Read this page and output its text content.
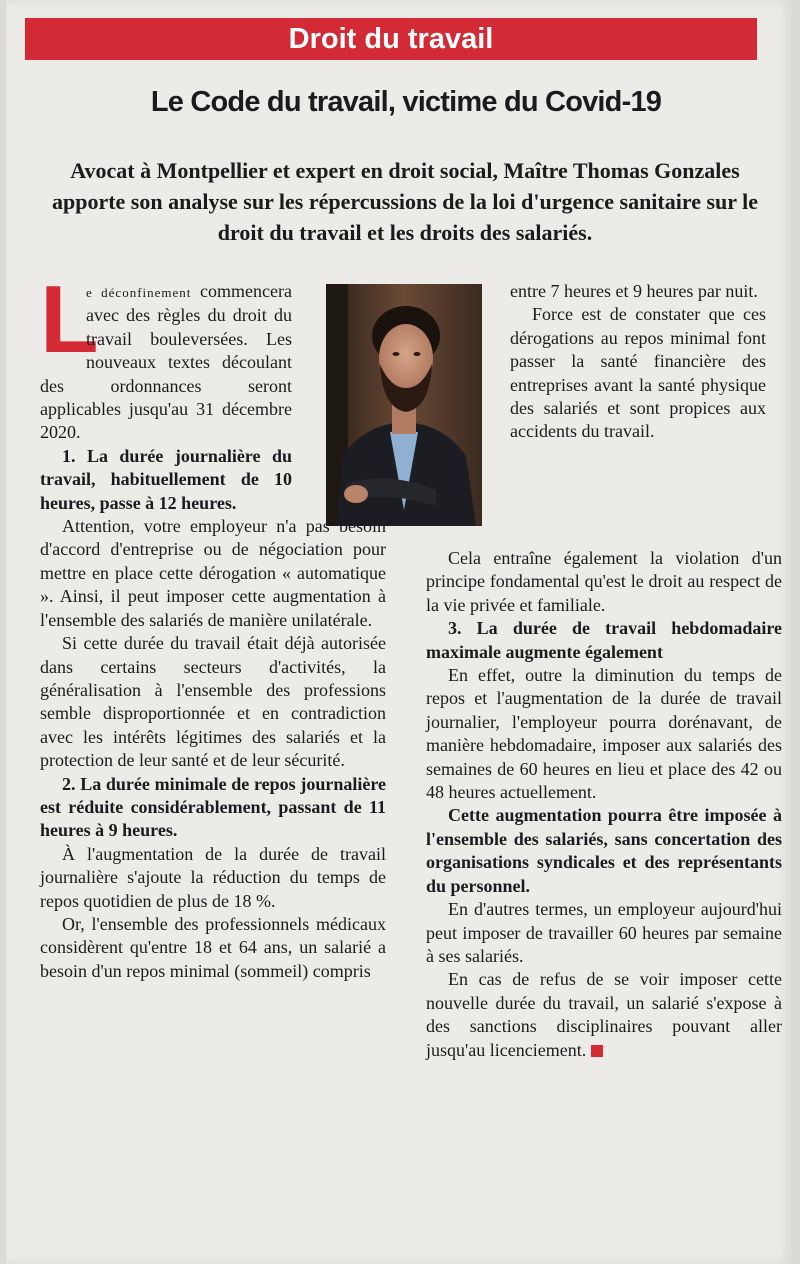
Droit du travail
Le Code du travail, victime du Covid-19
Avocat à Montpellier et expert en droit social, Maître Thomas Gonzales apporte son analyse sur les répercussions de la loi d'urgence sanitaire sur le droit du travail et les droits des salariés.
L

e déconfinement commencera avec des règles du droit du travail bouleversées. Les nouveaux textes découlant des ordonnances seront applicables jusqu'au 31 décembre 2020.

1. La durée journalière du travail, habituellement de 10 heures, passe à 12 heures.

Attention, votre employeur n'a pas besoin d'accord d'entreprise ou de négociation pour mettre en place cette dérogation « automatique ». Ainsi, il peut imposer cette augmentation à l'ensemble des salariés de manière unilatérale.

Si cette durée du travail était déjà autorisée dans certains secteurs d'activités, la généralisation à l'ensemble des professions semble disproportionnée et en contradiction avec les intérêts légitimes des salariés et la protection de leur santé et de leur sécurité.

2. La durée minimale de repos journalière est réduite considérablement, passant de 11 heures à 9 heures.

À l'augmentation de la durée de travail journalière s'ajoute la réduction du temps de repos quotidien de plus de 18 %.

Or, l'ensemble des professionnels médicaux considèrent qu'entre 18 et 64 ans, un salarié a besoin d'un repos minimal (sommeil) compris

entre 7 heures et 9 heures par nuit.

Force est de constater que ces dérogations au repos minimal font passer la santé financière des entreprises avant la santé physique des salariés et sont propices aux accidents du travail.

Cela entraîne également la violation d'un principe fondamental qu'est le droit au respect de la vie privée et familiale.

3. La durée de travail hebdomadaire maximale augmente également

En effet, outre la diminution du temps de repos et l'augmentation de la durée de travail journalier, l'employeur pourra dorénavant, de manière hebdomadaire, imposer aux salariés des semaines de 60 heures en lieu et place des 42 ou 48 heures actuellement.

Cette augmentation pourra être imposée à l'ensemble des salariés, sans concertation des organisations syndicales et des représentants du personnel.

En d'autres termes, un employeur aujourd'hui peut imposer de travailler 60 heures par semaine à ses salariés.

En cas de refus de se voir imposer cette nouvelle durée du travail, un salarié s'expose à des sanctions disciplinaires pouvant aller jusqu'au licenciement.
